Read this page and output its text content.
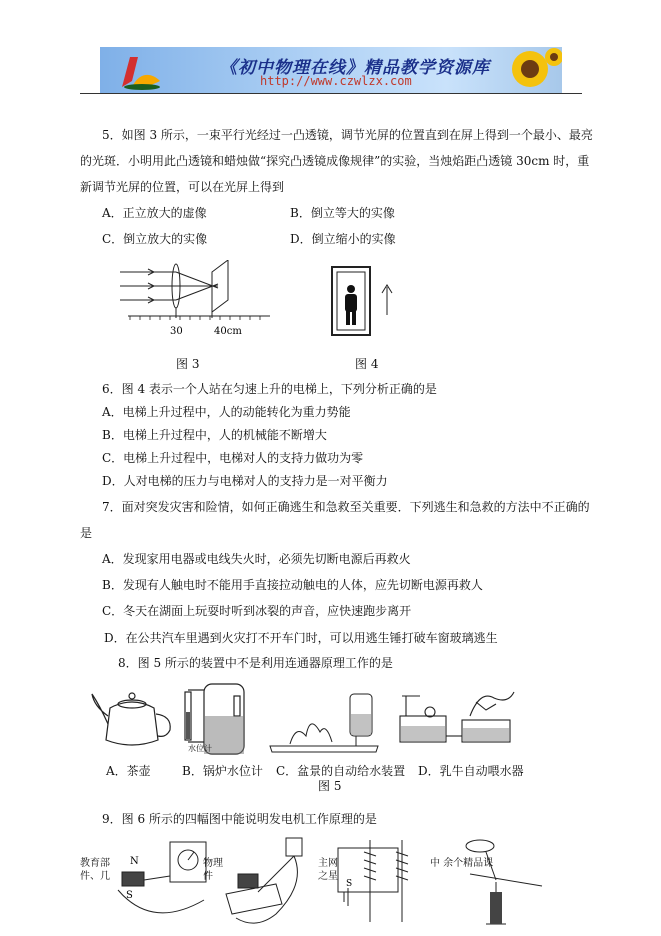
《初中物理在线》精品教学资源库
http://www.czwlzx.com
5．如图 3 所示，一束平行光经过一凸透镜，调节光屏的位置直到在屏上得到一个最小、最亮
的光斑．小明用此凸透镜和蜡烛做“探究凸透镜成像规律”的实验，当烛焰距凸透镜 30cm 时，重
新调节光屏的位置，可以在光屏上得到
A．正立放大的虚像	B．倒立等大的实像
C．倒立放大的实像	D．倒立缩小的实像
30	40cm
图 3	图 4
6．图 4 表示一个人站在匀速上升的电梯上，下列分析正确的是
A．电梯上升过程中，人的动能转化为重力势能
B．电梯上升过程中，人的机械能不断增大
C．电梯上升过程中，电梯对人的支持力做功为零
D．人对电梯的压力与电梯对人的支持力是一对平衡力
7．面对突发灾害和险情，如何正确逃生和急救至关重要．下列逃生和急救的方法中不正确的
是
A．发现家用电器或电线失火时，必须先切断电源后再救火
B．发现有人触电时不能用手直接拉动触电的人体，应先切断电源再救人
C．冬天在湖面上玩耍时听到冰裂的声音，应快速跑步离开
D．在公共汽车里遇到火灾打不开车门时，可以用逃生锤打破车窗玻璃逃生
8．图 5 所示的装置中不是利用连通器原理工作的是
水位计
A．茶壶	B．锅炉水位计 C．盆景的自动给水装置 D．乳牛自动喂水器
图 5
9．图 6 所示的四幅图中能说明发电机工作原理的是
教育部
件、几
N
S
物理
件
主网
之星
S
中 余个精品课
